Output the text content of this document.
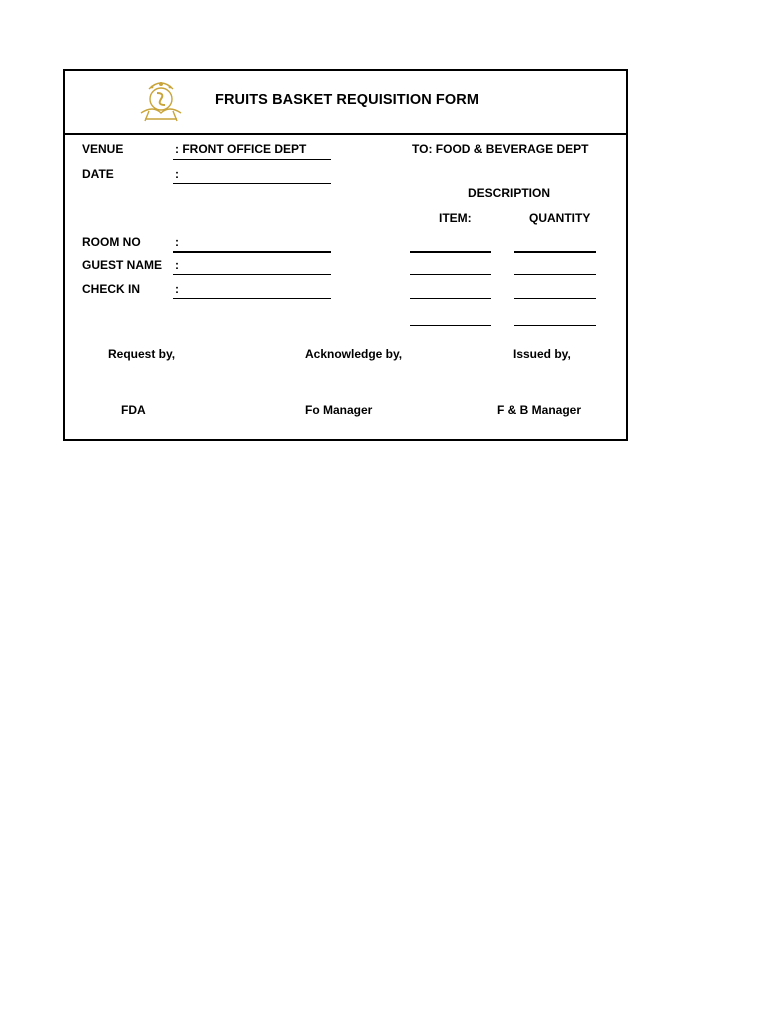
FRUITS BASKET REQUISITION FORM
VENUE	: FRONT OFFICE DEPT
DATE	:
ROOM NO	:
GUEST NAME :
CHECK IN	:
TO: FOOD & BEVERAGE DEPT
DESCRIPTION
ITEM:	QUANTITY
Request by,	Acknowledge by,	Issued by,
FDA	Fo Manager	F & B Manager
